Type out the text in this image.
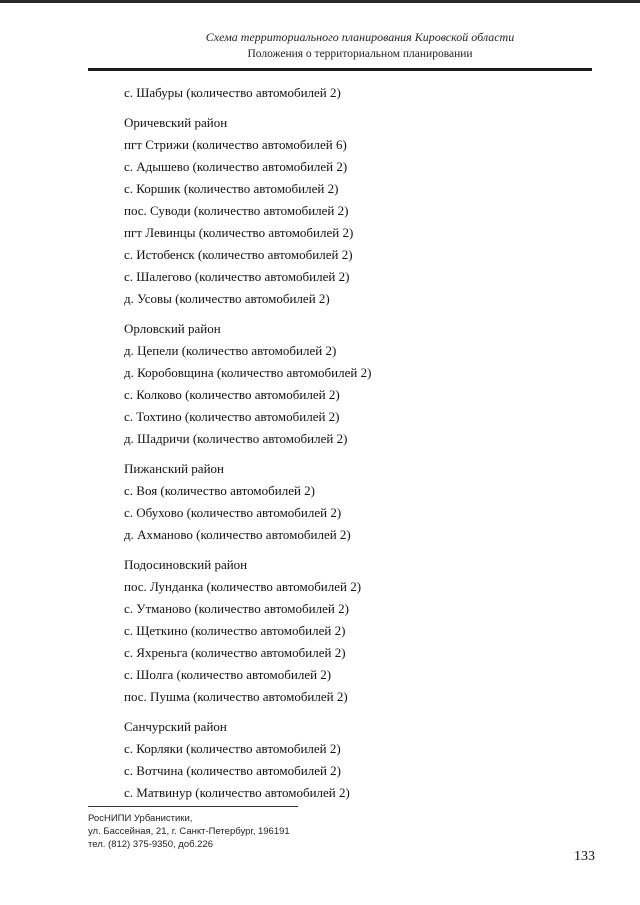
Схема территориального планирования Кировской области
Положения о территориальном планировании
с. Шабуры (количество автомобилей 2)
Оричевский район
пгт Стрижи (количество автомобилей 6)
с. Адышево (количество автомобилей 2)
с. Коршик (количество автомобилей 2)
пос. Суводи (количество автомобилей 2)
пгт Левинцы (количество автомобилей 2)
с. Истобенск (количество автомобилей 2)
с. Шалегово (количество автомобилей 2)
д. Усовы (количество автомобилей 2)
Орловский район
д. Цепели (количество автомобилей 2)
д. Коробовщина (количество автомобилей 2)
с. Колково (количество автомобилей 2)
с. Тохтино (количество автомобилей 2)
д. Шадричи (количество автомобилей 2)
Пижанский район
с. Воя (количество автомобилей 2)
с. Обухово (количество автомобилей 2)
д. Ахманово (количество автомобилей 2)
Подосиновский район
пос. Лунданка (количество автомобилей 2)
с. Утманово (количество автомобилей 2)
с. Щеткино (количество автомобилей 2)
с. Яхреньга (количество автомобилей 2)
с. Шолга (количество автомобилей 2)
пос. Пушма (количество автомобилей 2)
Санчурский район
с. Корляки (количество автомобилей 2)
с. Вотчина (количество автомобилей 2)
с. Матвинур (количество автомобилей 2)
РосНИПИ Урбанистики,
ул. Бассейная, 21, г. Санкт-Петербург, 196191
тел. (812) 375-9350, доб.226
133
